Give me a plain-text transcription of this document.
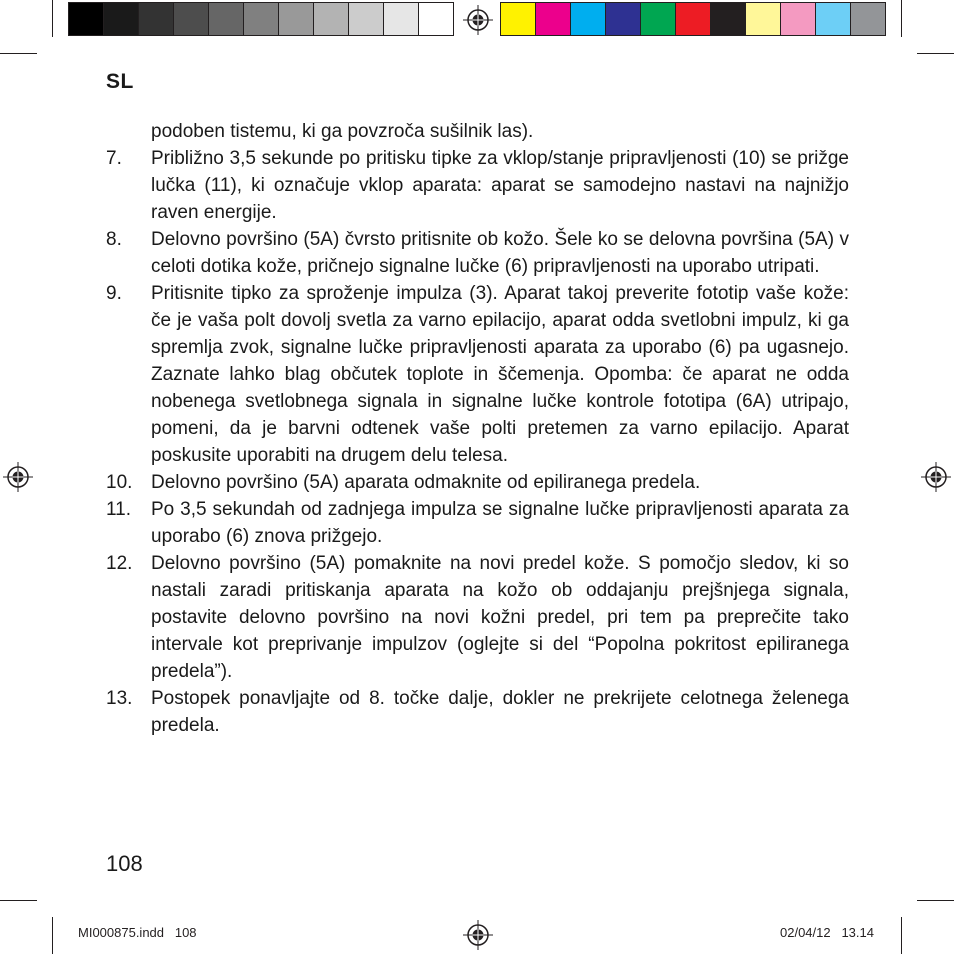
SL
podoben tistemu, ki ga povzroča sušilnik las).
7. Približno 3,5 sekunde po pritisku tipke za vklop/stanje pripravljenosti (10) se prižge lučka (11), ki označuje vklop aparata: aparat se samodejno nastavi na najnižjo raven energije.
8. Delovno površino (5A) čvrsto pritisnite ob kožo. Šele ko se delovna površina (5A) v celoti dotika kože, pričnejo signalne lučke (6) pripravljenosti na uporabo utripati.
9. Pritisnite tipko za sproženje impulza (3). Aparat takoj preverite fototip vaše kože: če je vaša polt dovolj svetla za varno epilacijo, aparat odda svetlobni impulz, ki ga spremlja zvok, signalne lučke pripravljenosti aparata za uporabo (6) pa ugasnejo. Zaznate lahko blag občutek toplote in ščemenja. Opomba: če aparat ne odda nobenega svetlobnega signala in signalne lučke kontrole fototipa (6A) utripajo, pomeni, da je barvni odtenek vaše polti pretemen za varno epilacijo. Aparat poskusite uporabiti na drugem delu telesa.
10. Delovno površino (5A) aparata odmaknite od epiliranega predela.
11. Po 3,5 sekundah od zadnjega impulza se signalne lučke pripravljenosti aparata za uporabo (6) znova prižgejo.
12. Delovno površino (5A) pomaknite na novi predel kože. S pomočjo sledov, ki so nastali zaradi pritiskanja aparata na kožo ob oddajanju prejšnjega signala, postavite delovno površino na novi kožni predel, pri tem pa preprečite tako intervale kot preprivanje impulzov (oglejte si del “Popolna pokritost epiliranega predela”).
13. Postopek ponavljajte od 8. točke dalje, dokler ne prekrijete celotnega želenega predela.
108
MI000875.indd   108	02/04/12   13.14
